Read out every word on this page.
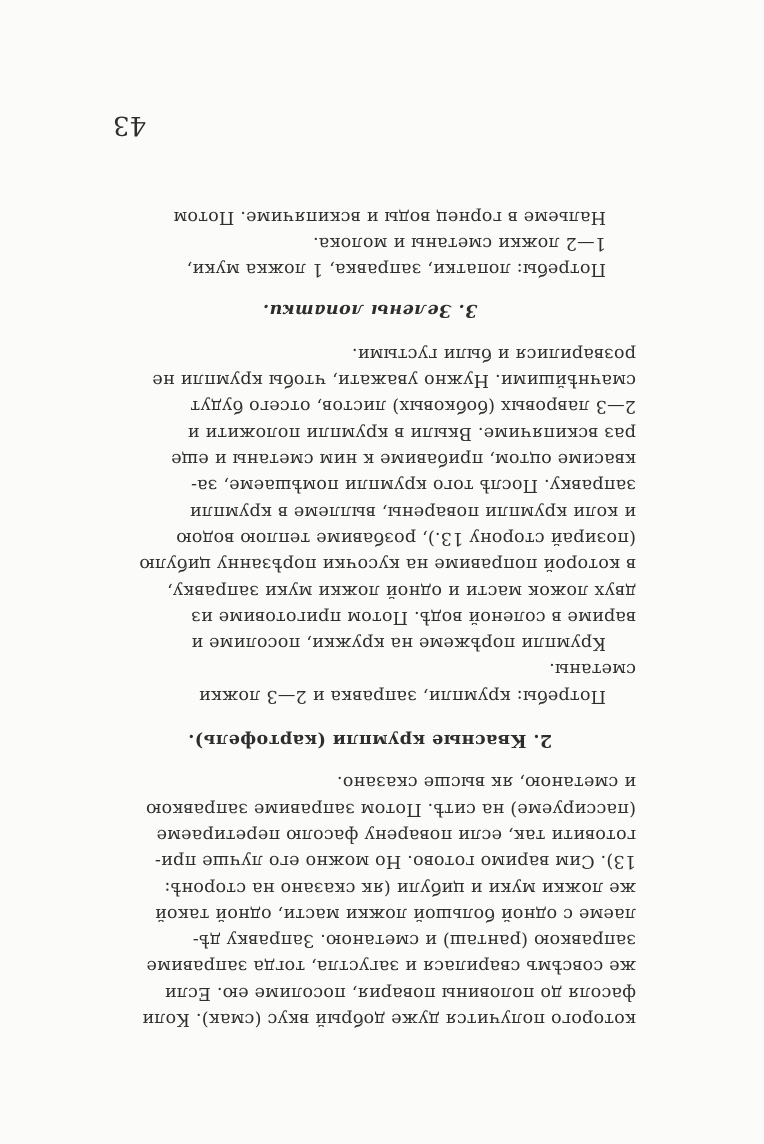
которого получится дуже добрый вкус (смак). Коли
фасоля до половины повария, посолиме ею. Если
же совсѣмъ сварилася и загустла, тогда заправиме
заправкою (ранташ) и сметаною. Заправку дѣ-
лаеме с одной большой ложки масти, одной такой
же ложки муки и цибули (як сказано на сторонѣ:
13). Сим варимо готово. Но можно его лучше при-
готовити так, если поварену фасолю перетираеме
(пассируеме) на ситѣ. Потом заправиме заправкою
и сметаною, як высше сказано.
2. Квасные крумпли (картофель).
Потребы: крумпли, заправка и 2—3 ложки
сметаны.
Крумпли порѣжеме на кружки, посолиме и
вариме в соленой водѣ. Потом приготовиме из
двух ложок масти и одной ложки муки заправку,
в которой поправиме на кусочки порѣзанну цибулю
(позирай сторону 13.), розбавиме теплою водою
и коли крумпли поварены, выллеме в крумпли
заправку. Послѣ того крумпли помѣшаеме, за-
квасиме оцтом, прибавиме к ним сметаны и еще
раз вскипячиме. Вкыли в крумпли положити и
2—3 лавровых (бобковых) листов, отсего будут
смачнѣйшими. Нужно уважати, чтобы крумпли не
розварилися и были густыми.
3. Зелены лопатки.
Потребы: лопатки, заправка, 1 ложка муки,
1—2 ложки сметаны и молока.
Нальеме в горнец воды и вскипячиме. Потом
43
